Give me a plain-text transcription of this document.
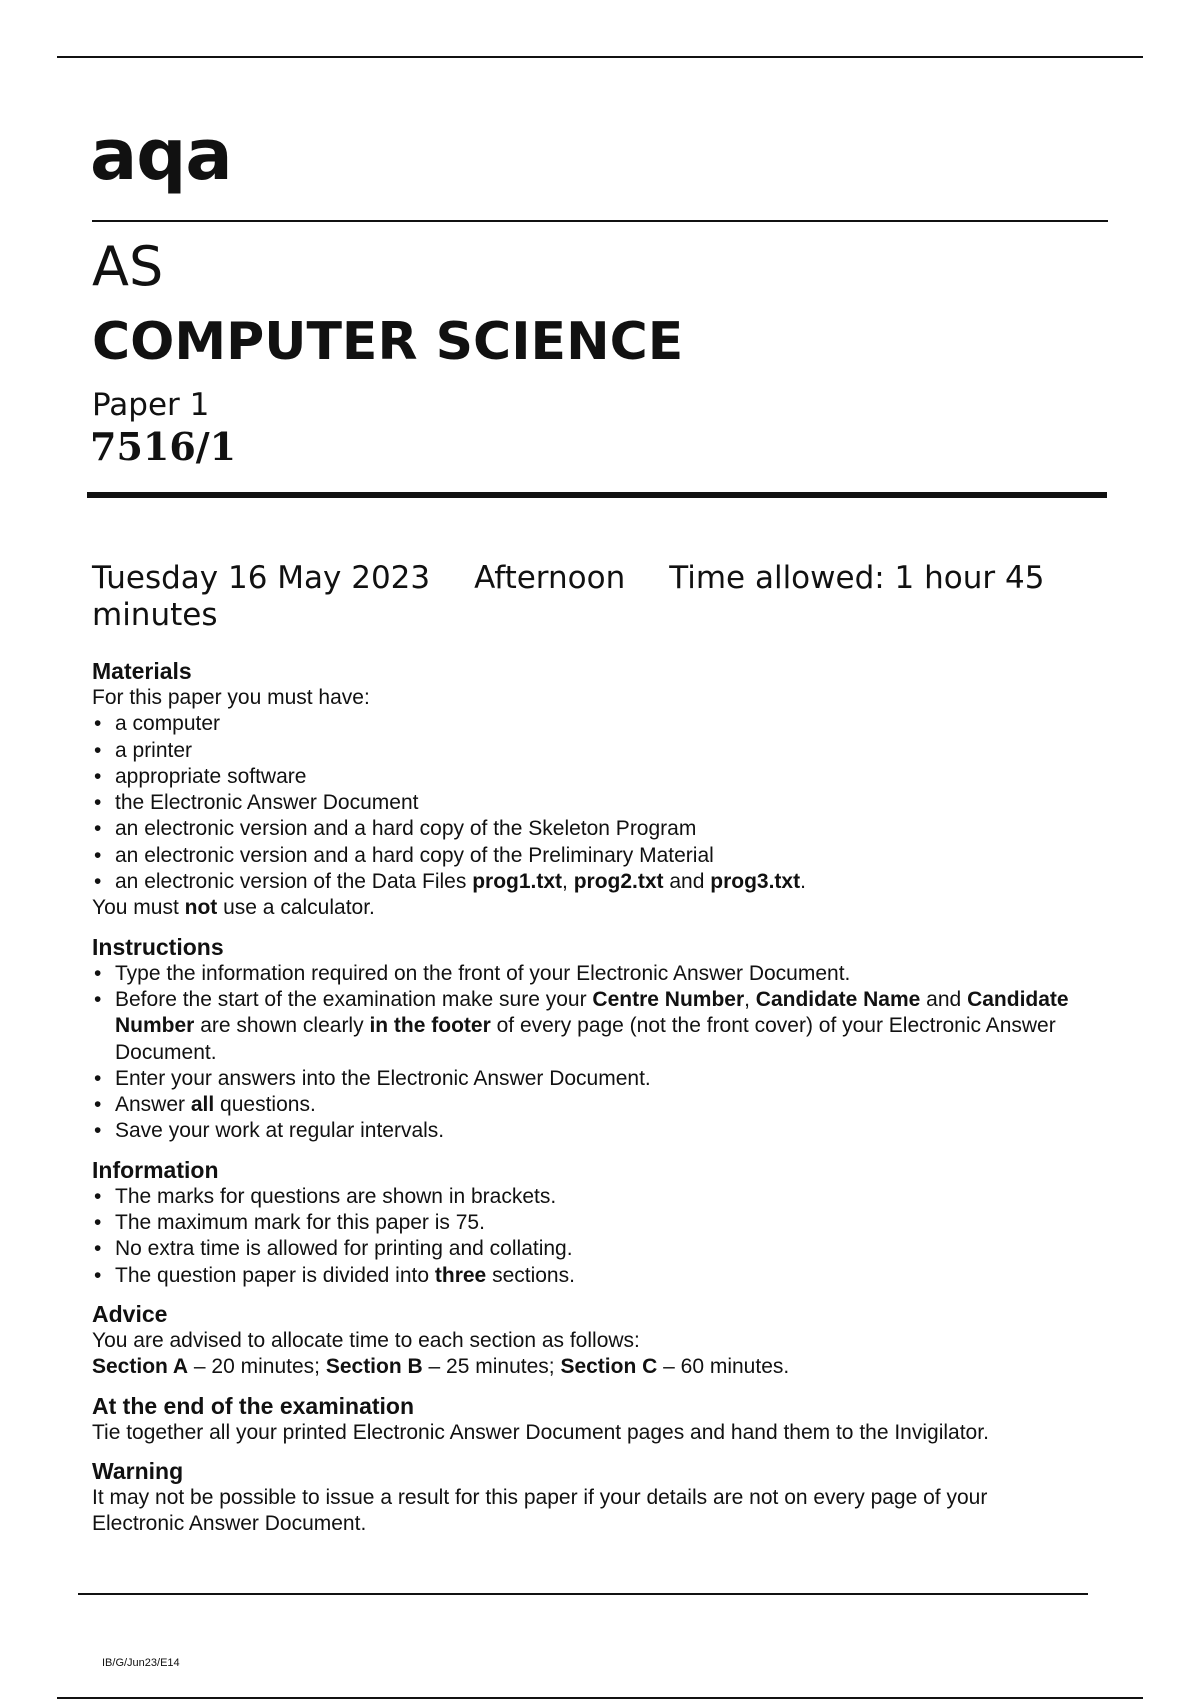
aqa
AS
COMPUTER SCIENCE
Paper 1
7516/1
Tuesday 16 May 2023 Afternoon Time allowed: 1 hour 45 minutes
Materials
For this paper you must have:
• a computer
• a printer
• appropriate software
• the Electronic Answer Document
• an electronic version and a hard copy of the Skeleton Program
• an electronic version and a hard copy of the Preliminary Material
• an electronic version of the Data Files prog1.txt, prog2.txt and prog3.txt.
You must not use a calculator.
Instructions
• Type the information required on the front of your Electronic Answer Document.
• Before the start of the examination make sure your Centre Number, Candidate Name and Candidate Number are shown clearly in the footer of every page (not the front cover) of your Electronic Answer Document.
• Enter your answers into the Electronic Answer Document.
• Answer all questions.
• Save your work at regular intervals.
Information
• The marks for questions are shown in brackets.
• The maximum mark for this paper is 75.
• No extra time is allowed for printing and collating.
• The question paper is divided into three sections.
Advice
You are advised to allocate time to each section as follows:
Section A – 20 minutes; Section B – 25 minutes; Section C – 60 minutes.
At the end of the examination
Tie together all your printed Electronic Answer Document pages and hand them to the Invigilator.
Warning
It may not be possible to issue a result for this paper if your details are not on every page of your Electronic Answer Document.
IB/G/Jun23/E14
